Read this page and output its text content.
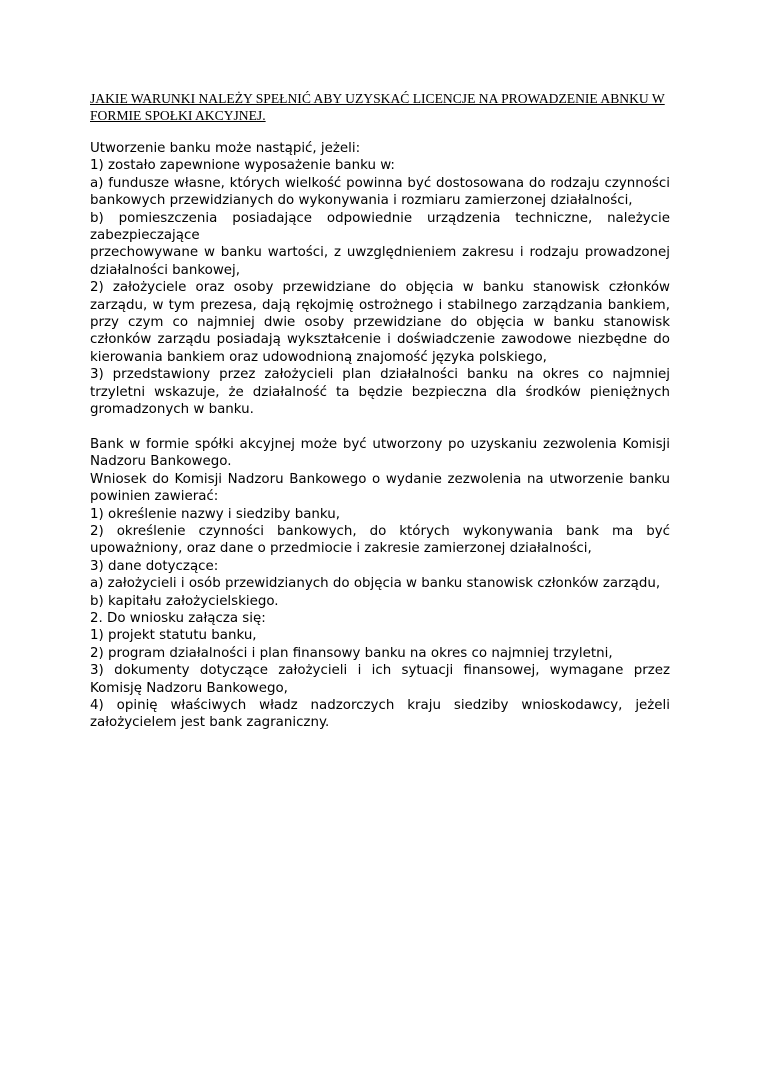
JAKIE WARUNKI NALEŻY SPEŁNIĆ ABY UZYSKAĆ LICENCJE NA PROWADZENIE ABNKU W FORMIE SPOŁKI AKCYJNEJ.

Utworzenie banku może nastąpić, jeżeli:

1) zostało zapewnione wyposażenie banku w:

a) fundusze własne, których wielkość powinna być dostosowana do rodzaju czynności bankowych przewidzianych do wykonywania i rozmiaru zamierzonej działalności,

b) pomieszczenia posiadające odpowiednie urządzenia techniczne, należycie zabezpieczające

przechowywane w banku wartości, z uwzględnieniem zakresu i rodzaju prowadzonej działalności bankowej,

2) założyciele oraz osoby przewidziane do objęcia w banku stanowisk członków zarządu, w tym prezesa, dają rękojmię ostrożnego i stabilnego zarządzania bankiem, przy czym co najmniej dwie osoby przewidziane do objęcia w banku stanowisk członków zarządu posiadają wykształcenie i doświadczenie zawodowe niezbędne do kierowania bankiem oraz udowodnioną znajomość języka polskiego,

3) przedstawiony przez założycieli plan działalności banku na okres co najmniej trzyletni wskazuje, że działalność ta będzie bezpieczna dla środków pieniężnych gromadzonych w banku.

Bank w formie spółki akcyjnej może być utworzony po uzyskaniu zezwolenia Komisji Nadzoru Bankowego.

Wniosek do Komisji Nadzoru Bankowego o wydanie zezwolenia na utworzenie banku powinien zawierać:

1) określenie nazwy i siedziby banku,

2) określenie czynności bankowych, do których wykonywania bank ma być upoważniony, oraz dane o przedmiocie i zakresie zamierzonej działalności,

3) dane dotyczące:

a) założycieli i osób przewidzianych do objęcia w banku stanowisk członków zarządu,

b) kapitału założycielskiego.

2. Do wniosku załącza się:

1) projekt statutu banku,

2) program działalności i plan finansowy banku na okres co najmniej trzyletni,

3) dokumenty dotyczące założycieli i ich sytuacji finansowej, wymagane przez Komisję Nadzoru Bankowego,

4) opinię właściwych władz nadzorczych kraju siedziby wnioskodawcy, jeżeli założycielem jest bank zagraniczny.
